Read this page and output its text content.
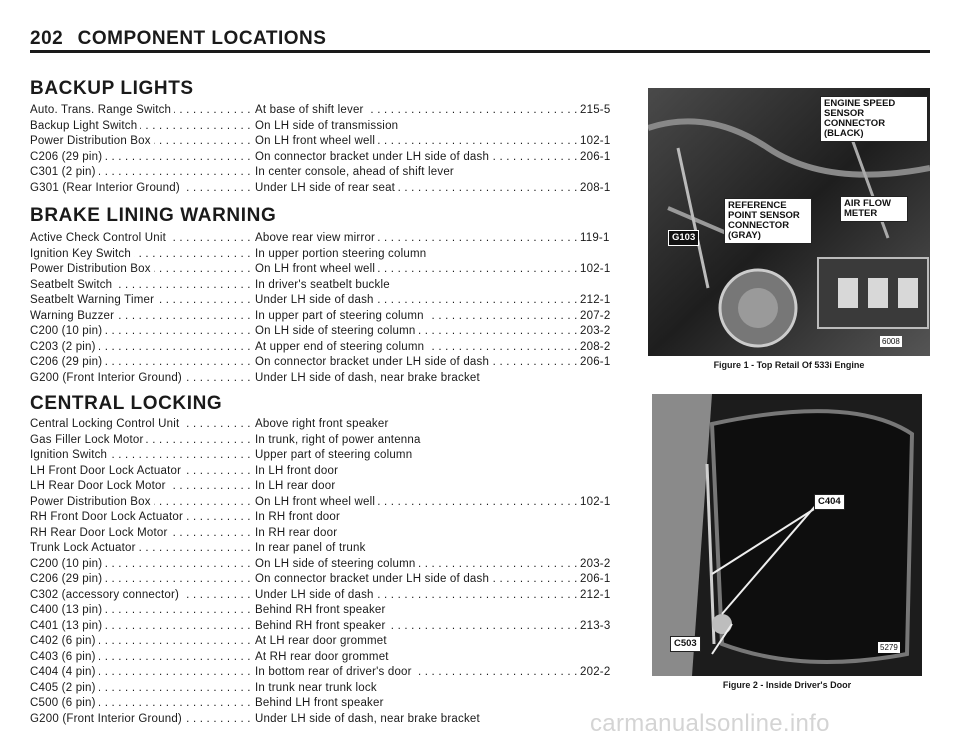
202 COMPONENT LOCATIONS
BACKUP LIGHTS
BRAKE LINING WARNING
CENTRAL LOCKING
Auto. Trans. Range Switch . . .	At base of shift lever . . .	215-5
Backup Light Switch . . .	On LH side of transmission
Power Distribution Box . . .	On LH front wheel well . . .	102-1
C206 (29 pin) . . .	On connector bracket under LH side of dash . . .	206-1
C301 (2 pin) . . .	In center console, ahead of shift lever
G301 (Rear Interior Ground) . . .	Under LH side of rear seat . . .	208-1
Active Check Control Unit . . .	Above rear view mirror . . .	119-1
Ignition Key Switch . . .	In upper portion steering column
Power Distribution Box . . .	On LH front wheel well . . .	102-1
Seatbelt Switch . . .	In driver's seatbelt buckle
Seatbelt Warning Timer . . .	Under LH side of dash . . .	212-1
Warning Buzzer . . .	In upper part of steering column . . .	207-2
C200 (10 pin) . . .	On LH side of steering column . . .	203-2
C203 (2 pin) . . .	At upper end of steering column . . .	208-2
C206 (29 pin) . . .	On connector bracket under LH side of dash . . .	206-1
G200 (Front Interior Ground) . . .	Under LH side of dash, near brake bracket
Central Locking Control Unit . . .	Above right front speaker
Gas Filler Lock Motor . . .	In trunk, right of power antenna
Ignition Switch . . .	Upper part of steering column
LH Front Door Lock Actuator . . .	In LH front door
LH Rear Door Lock Motor . . .	In LH rear door
Power Distribution Box . . .	On LH front wheel well . . .	102-1
RH Front Door Lock Actuator . . .	In RH front door
RH Rear Door Lock Motor . . .	In RH rear door
Trunk Lock Actuator . . .	In rear panel of trunk
C200 (10 pin) . . .	On LH side of steering column . . .	203-2
C206 (29 pin) . . .	On connector bracket under LH side of dash . . .	206-1
C302 (accessory connector) . . .	Under LH side of dash . . .	212-1
C400 (13 pin) . . .	Behind RH front speaker
C401 (13 pin) . . .	Behind RH front speaker . . .	213-3
C402 (6 pin) . . .	At LH rear door grommet
C403 (6 pin) . . .	At RH rear door grommet
C404 (4 pin) . . .	In bottom rear of driver's door . . .	202-2
C405 (2 pin) . . .	In trunk near trunk lock
C500 (6 pin) . . .	Behind LH front speaker
G200 (Front Interior Ground) . . .	Under LH side of dash, near brake bracket
ENGINE SPEED SENSOR CONNECTOR (BLACK)
AIR FLOW METER
REFERENCE POINT SENSOR CONNECTOR (GRAY)
G103
6008
Figure 1 - Top Retail Of 533i Engine
C404
C503	5279
Figure 2 - Inside Driver's Door
carmanualsonline.info
